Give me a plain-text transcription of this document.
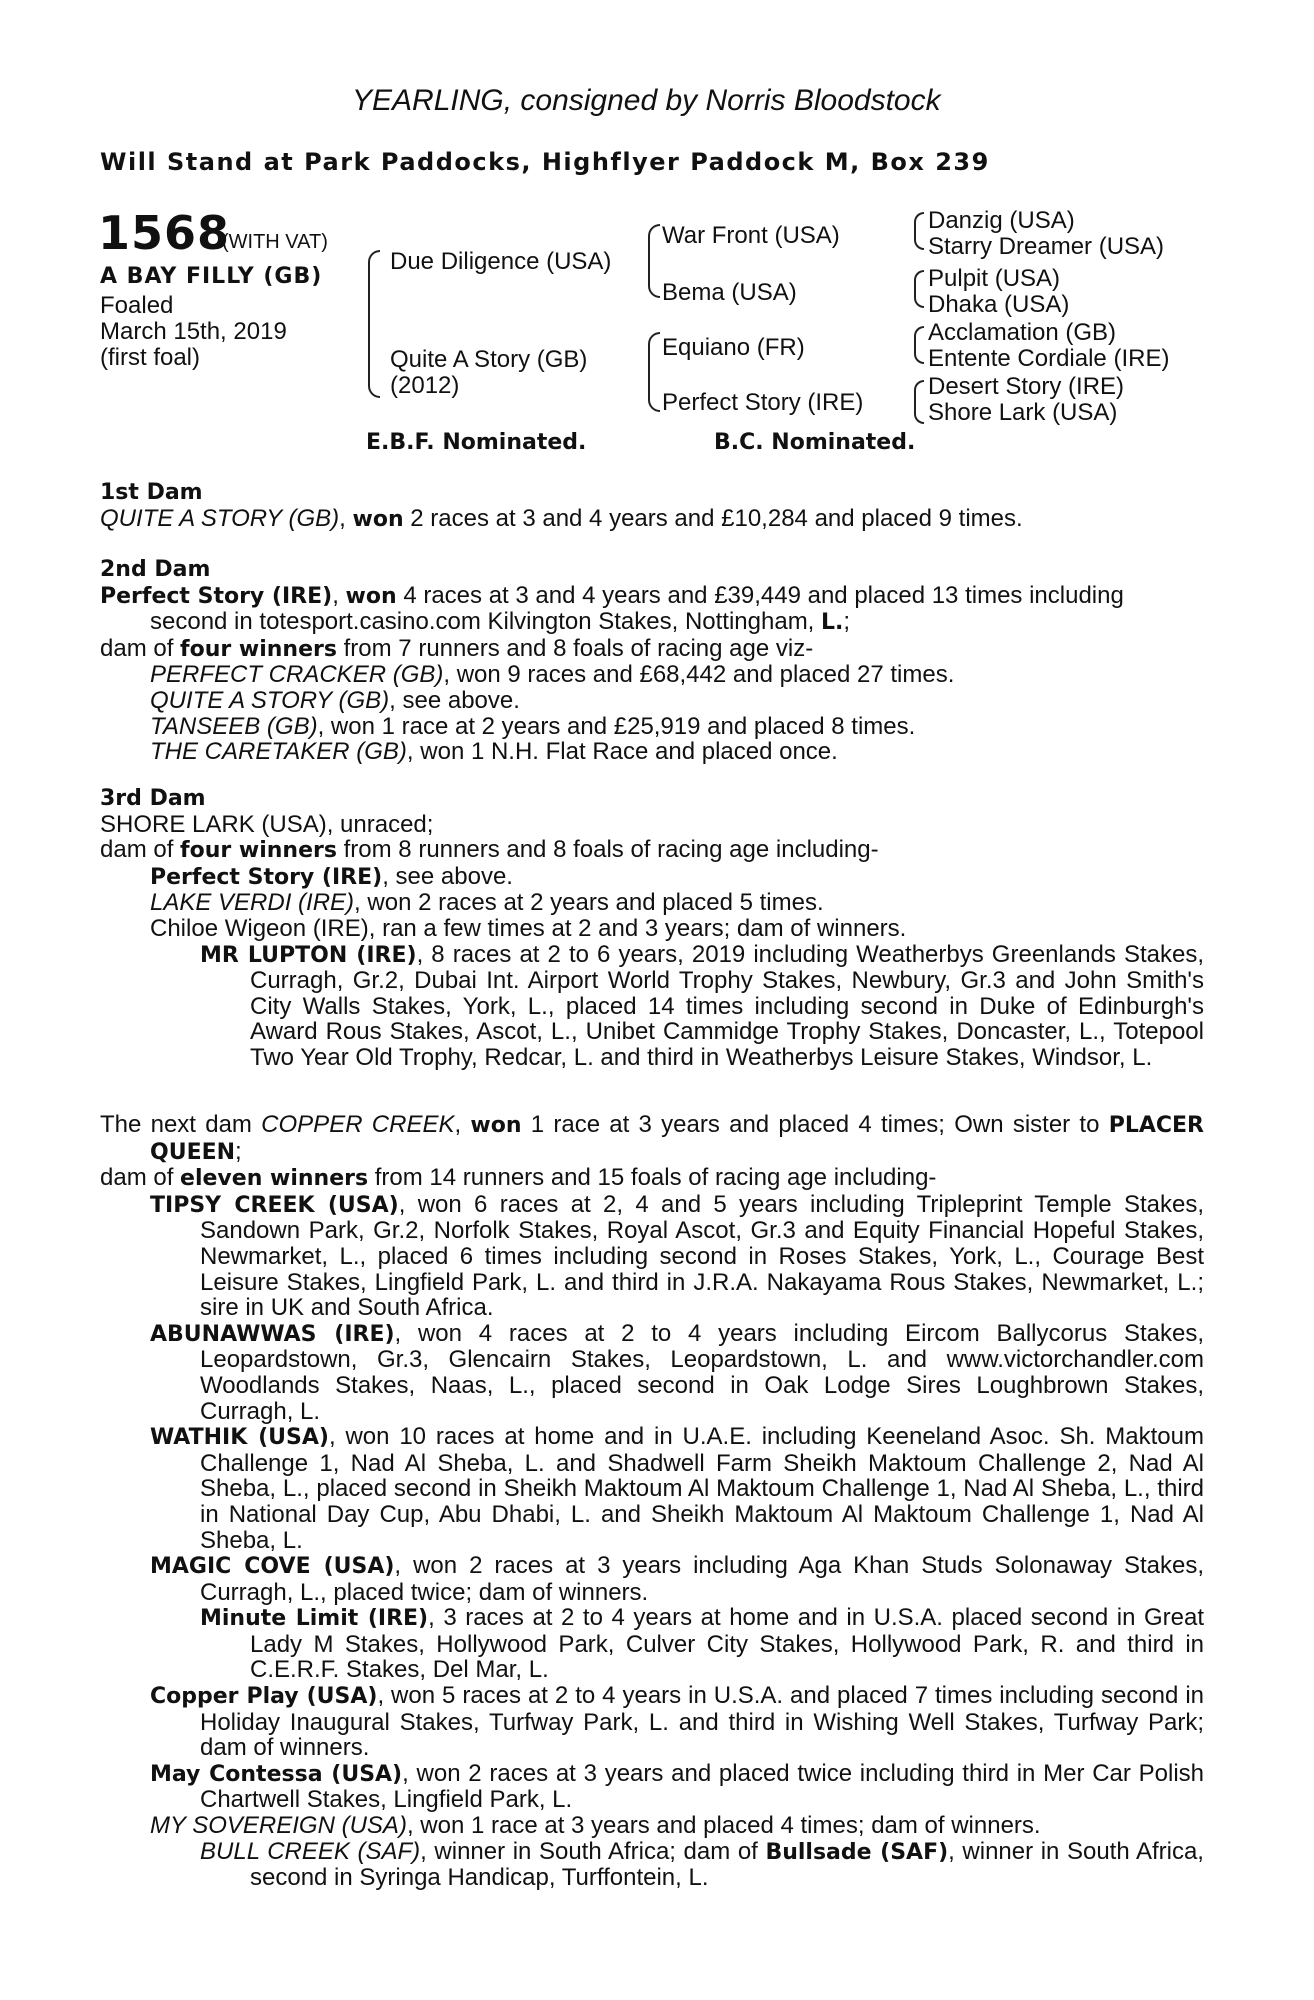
YEARLING, consigned by Norris Bloodstock
Will Stand at Park Paddocks, Highflyer Paddock M, Box 239
1568
(WITH VAT)
A BAY FILLY (GB)
Foaled
March 15th, 2019
(first foal)
Due Diligence (USA)
Quite A Story (GB)
(2012)
War Front (USA)
Bema (USA)
Equiano (FR)
Perfect Story (IRE)
Danzig (USA)
Starry Dreamer (USA)
Pulpit (USA)
Dhaka (USA)
Acclamation (GB)
Entente Cordiale (IRE)
Desert Story (IRE)
Shore Lark (USA)
E.B.F. Nominated.	B.C. Nominated.
1st Dam
QUITE A STORY (GB), won 2 races at 3 and 4 years and £10,284 and placed 9 times.
2nd Dam
Perfect Story (IRE), won 4 races at 3 and 4 years and £39,449 and placed 13 times including
second in totesport.casino.com Kilvington Stakes, Nottingham, L.;
dam of four winners from 7 runners and 8 foals of racing age viz-
PERFECT CRACKER (GB), won 9 races and £68,442 and placed 27 times.
QUITE A STORY (GB), see above.
TANSEEB (GB), won 1 race at 2 years and £25,919 and placed 8 times.
THE CARETAKER (GB), won 1 N.H. Flat Race and placed once.
3rd Dam
SHORE LARK (USA), unraced;
dam of four winners from 8 runners and 8 foals of racing age including-
Perfect Story (IRE), see above.
LAKE VERDI (IRE), won 2 races at 2 years and placed 5 times.
Chiloe Wigeon (IRE), ran a few times at 2 and 3 years; dam of winners.
MR LUPTON (IRE), 8 races at 2 to 6 years, 2019 including Weatherbys Greenlands Stakes, Curragh, Gr.2, Dubai Int. Airport World Trophy Stakes, Newbury, Gr.3 and John Smith's City Walls Stakes, York, L., placed 14 times including second in Duke of Edinburgh's Award Rous Stakes, Ascot, L., Unibet Cammidge Trophy Stakes, Doncaster, L., Totepool Two Year Old Trophy, Redcar, L. and third in Weatherbys Leisure Stakes, Windsor, L.
The next dam COPPER CREEK, won 1 race at 3 years and placed 4 times; Own sister to PLACER QUEEN;
dam of eleven winners from 14 runners and 15 foals of racing age including-
TIPSY CREEK (USA), won 6 races at 2, 4 and 5 years including Tripleprint Temple Stakes, Sandown Park, Gr.2, Norfolk Stakes, Royal Ascot, Gr.3 and Equity Financial Hopeful Stakes, Newmarket, L., placed 6 times including second in Roses Stakes, York, L., Courage Best Leisure Stakes, Lingfield Park, L. and third in J.R.A. Nakayama Rous Stakes, Newmarket, L.; sire in UK and South Africa.
ABUNAWWAS (IRE), won 4 races at 2 to 4 years including Eircom Ballycorus Stakes, Leopardstown, Gr.3, Glencairn Stakes, Leopardstown, L. and www.victorchandler.com Woodlands Stakes, Naas, L., placed second in Oak Lodge Sires Loughbrown Stakes, Curragh, L.
WATHIK (USA), won 10 races at home and in U.A.E. including Keeneland Asoc. Sh. Maktoum Challenge 1, Nad Al Sheba, L. and Shadwell Farm Sheikh Maktoum Challenge 2, Nad Al Sheba, L., placed second in Sheikh Maktoum Al Maktoum Challenge 1, Nad Al Sheba, L., third in National Day Cup, Abu Dhabi, L. and Sheikh Maktoum Al Maktoum Challenge 1, Nad Al Sheba, L.
MAGIC COVE (USA), won 2 races at 3 years including Aga Khan Studs Solonaway Stakes, Curragh, L., placed twice; dam of winners.
Minute Limit (IRE), 3 races at 2 to 4 years at home and in U.S.A. placed second in Great Lady M Stakes, Hollywood Park, Culver City Stakes, Hollywood Park, R. and third in C.E.R.F. Stakes, Del Mar, L.
Copper Play (USA), won 5 races at 2 to 4 years in U.S.A. and placed 7 times including second in Holiday Inaugural Stakes, Turfway Park, L. and third in Wishing Well Stakes, Turfway Park; dam of winners.
May Contessa (USA), won 2 races at 3 years and placed twice including third in Mer Car Polish Chartwell Stakes, Lingfield Park, L.
MY SOVEREIGN (USA), won 1 race at 3 years and placed 4 times; dam of winners.
BULL CREEK (SAF), winner in South Africa; dam of Bullsade (SAF), winner in South Africa, second in Syringa Handicap, Turffontein, L.
